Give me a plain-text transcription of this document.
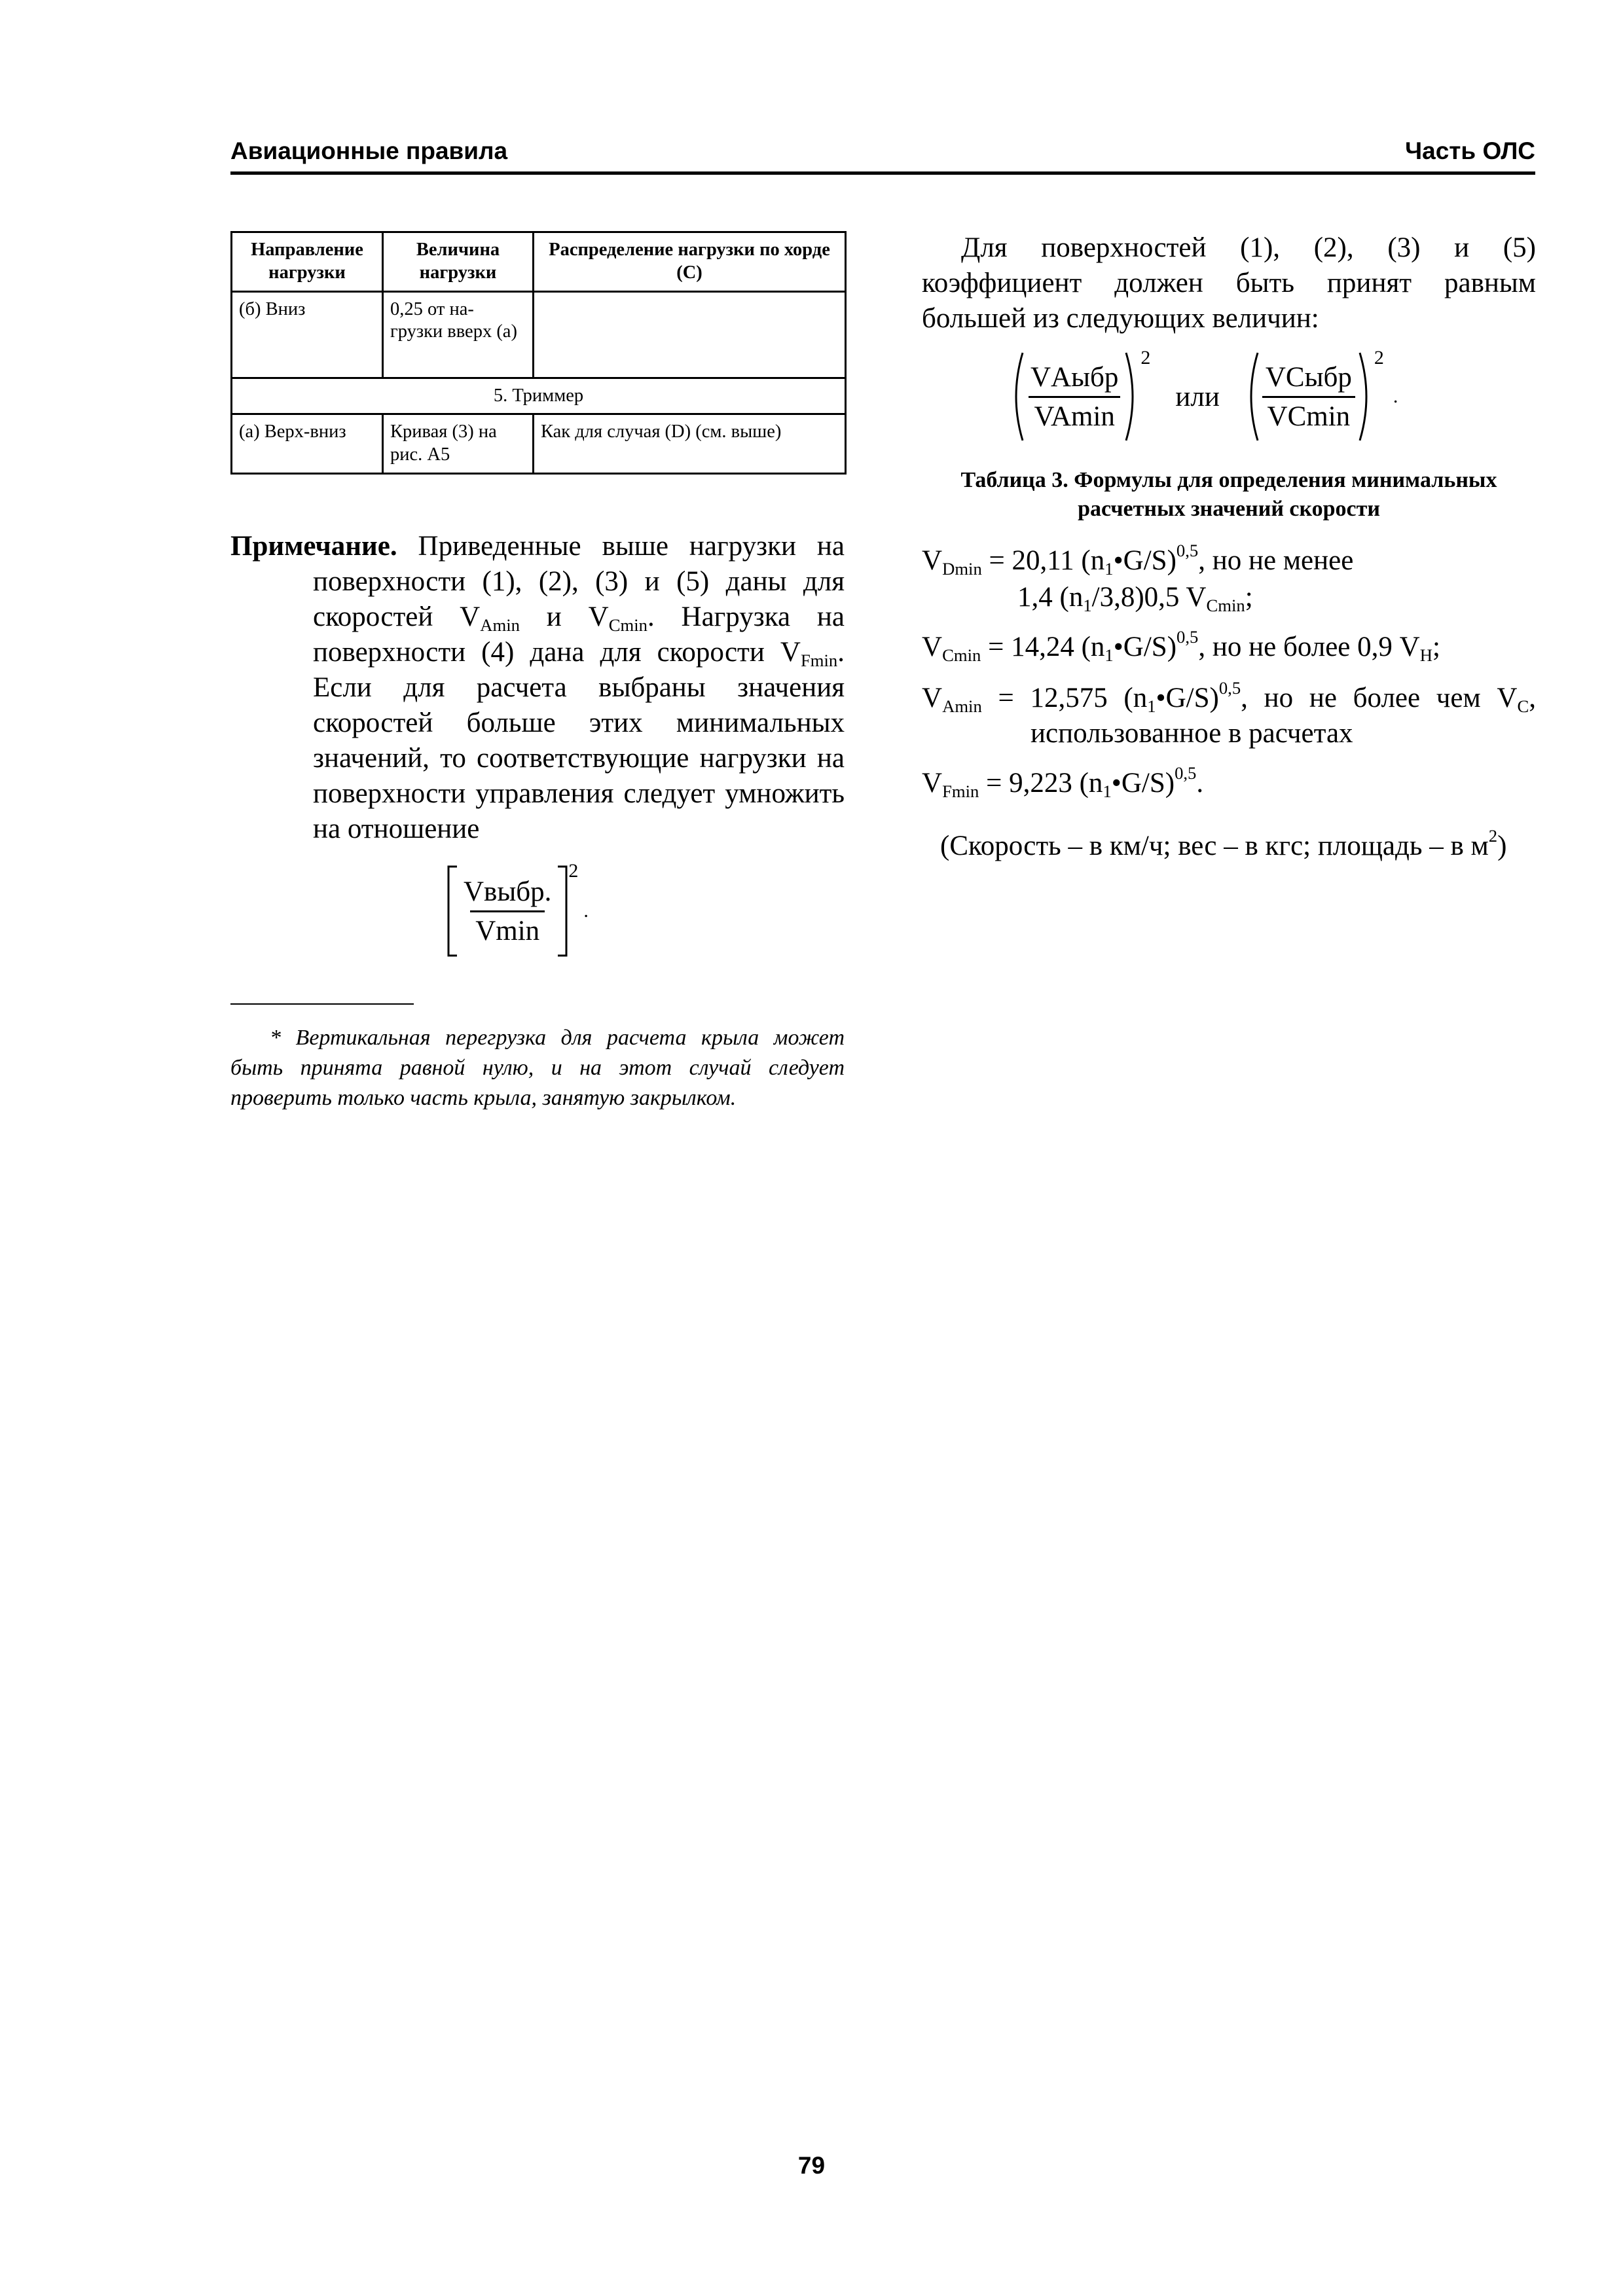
Авиационные правила	Часть ОЛС
Направление нагрузки	Величина нагрузки	Распределение нагрузки по хорде (С)
(б) Вниз	0,25 от на-грузки вверх (а)	
5. Триммер		
(а) Верх-вниз	Кривая (3) на рис. А5	Как для случая (D) (см. выше)
Примечание. Приведенные выше нагрузки на поверхности (1), (2), (3) и (5) даны для скоростей $V_{Amin}$ и $V_{Cmin}$. Нагрузка на поверхности (4) дана для скорости $V_{Fmin}$. Если для расчета выбраны значения скоростей больше этих минимальных значений, то соответствующие нагрузки на поверхности управления следует умножить на отношение
$\frac{\text{Vвыбр.}}{Vmin}$
2
.
* Вертикальная перегрузка для расчета крыла может быть принята равной нулю, и на этот случай следует проверить только часть крыла, занятую закрылком.
Для поверхностей (1), (2), (3) и (5) коэффициент должен быть принят равным большей из следующих величин:
$\frac{\text{VАыбр}}{VAmin}$
2
или $\frac{\text{VСыбр}}{VCmin}$
2
.
Таблица 3. Формулы для определения минимальных расчетных значений скорости
$V_{Dmin} = 20,11$ $(n_1•G/S)^{0,5}$, но не менее
1,4 $(n_1/3,8)0,5$ $V_{Cmin}$;
$V_{Cmin} = 14,24$ $(n_1•G/S)^{0,5}$, но не более 0,9 $V_H$;
$V_{Amin} = 12,575$ $(n_1•G/S)^{0,5}$, но не более чем $V_C$,
использованное в расчетах
$V_{Fmin} = 9,223$ $(n_1•G/S)^{0,5}$.
(Скорость – в км/ч; вес – в кгс; площадь – в $м^2$)
79
